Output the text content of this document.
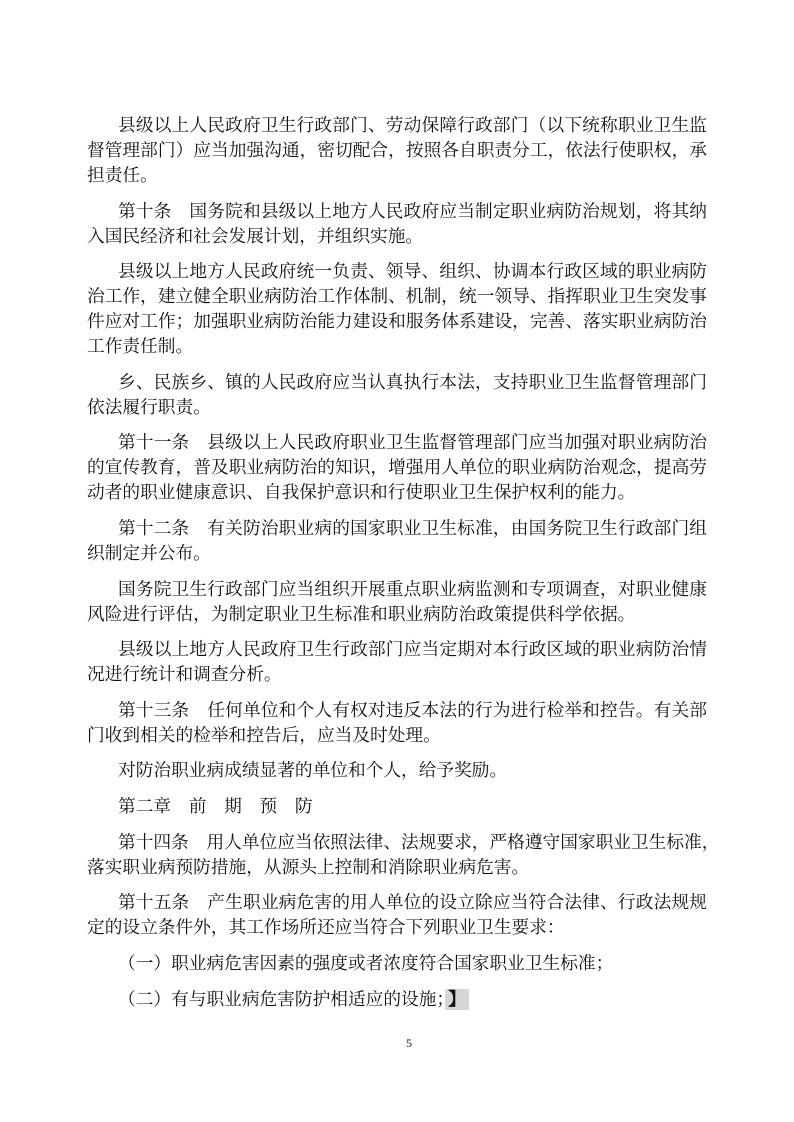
县级以上人民政府卫生行政部门、劳动保障行政部门（以下统称职业卫生监
督管理部门）应当加强沟通，密切配合，按照各自职责分工，依法行使职权，承
担责任。
第十条　国务院和县级以上地方人民政府应当制定职业病防治规划，将其纳
入国民经济和社会发展计划，并组织实施。
县级以上地方人民政府统一负责、领导、组织、协调本行政区域的职业病防
治工作，建立健全职业病防治工作体制、机制，统一领导、指挥职业卫生突发事
件应对工作；加强职业病防治能力建设和服务体系建设，完善、落实职业病防治
工作责任制。
乡、民族乡、镇的人民政府应当认真执行本法，支持职业卫生监督管理部门
依法履行职责。
第十一条　县级以上人民政府职业卫生监督管理部门应当加强对职业病防治
的宣传教育，普及职业病防治的知识，增强用人单位的职业病防治观念，提高劳
动者的职业健康意识、自我保护意识和行使职业卫生保护权利的能力。
第十二条　有关防治职业病的国家职业卫生标准，由国务院卫生行政部门组
织制定并公布。
国务院卫生行政部门应当组织开展重点职业病监测和专项调查，对职业健康
风险进行评估，为制定职业卫生标准和职业病防治政策提供科学依据。
县级以上地方人民政府卫生行政部门应当定期对本行政区域的职业病防治情
况进行统计和调查分析。
第十三条　任何单位和个人有权对违反本法的行为进行检举和控告。有关部
门收到相关的检举和控告后，应当及时处理。
对防治职业病成绩显著的单位和个人，给予奖励。
第二章　前　期　预　防
第十四条　用人单位应当依照法律、法规要求，严格遵守国家职业卫生标准，
落实职业病预防措施，从源头上控制和消除职业病危害。
第十五条　产生职业病危害的用人单位的设立除应当符合法律、行政法规规
定的设立条件外，其工作场所还应当符合下列职业卫生要求：
（一）职业病危害因素的强度或者浓度符合国家职业卫生标准；
（二）有与职业病危害防护相适应的设施； 】
5
